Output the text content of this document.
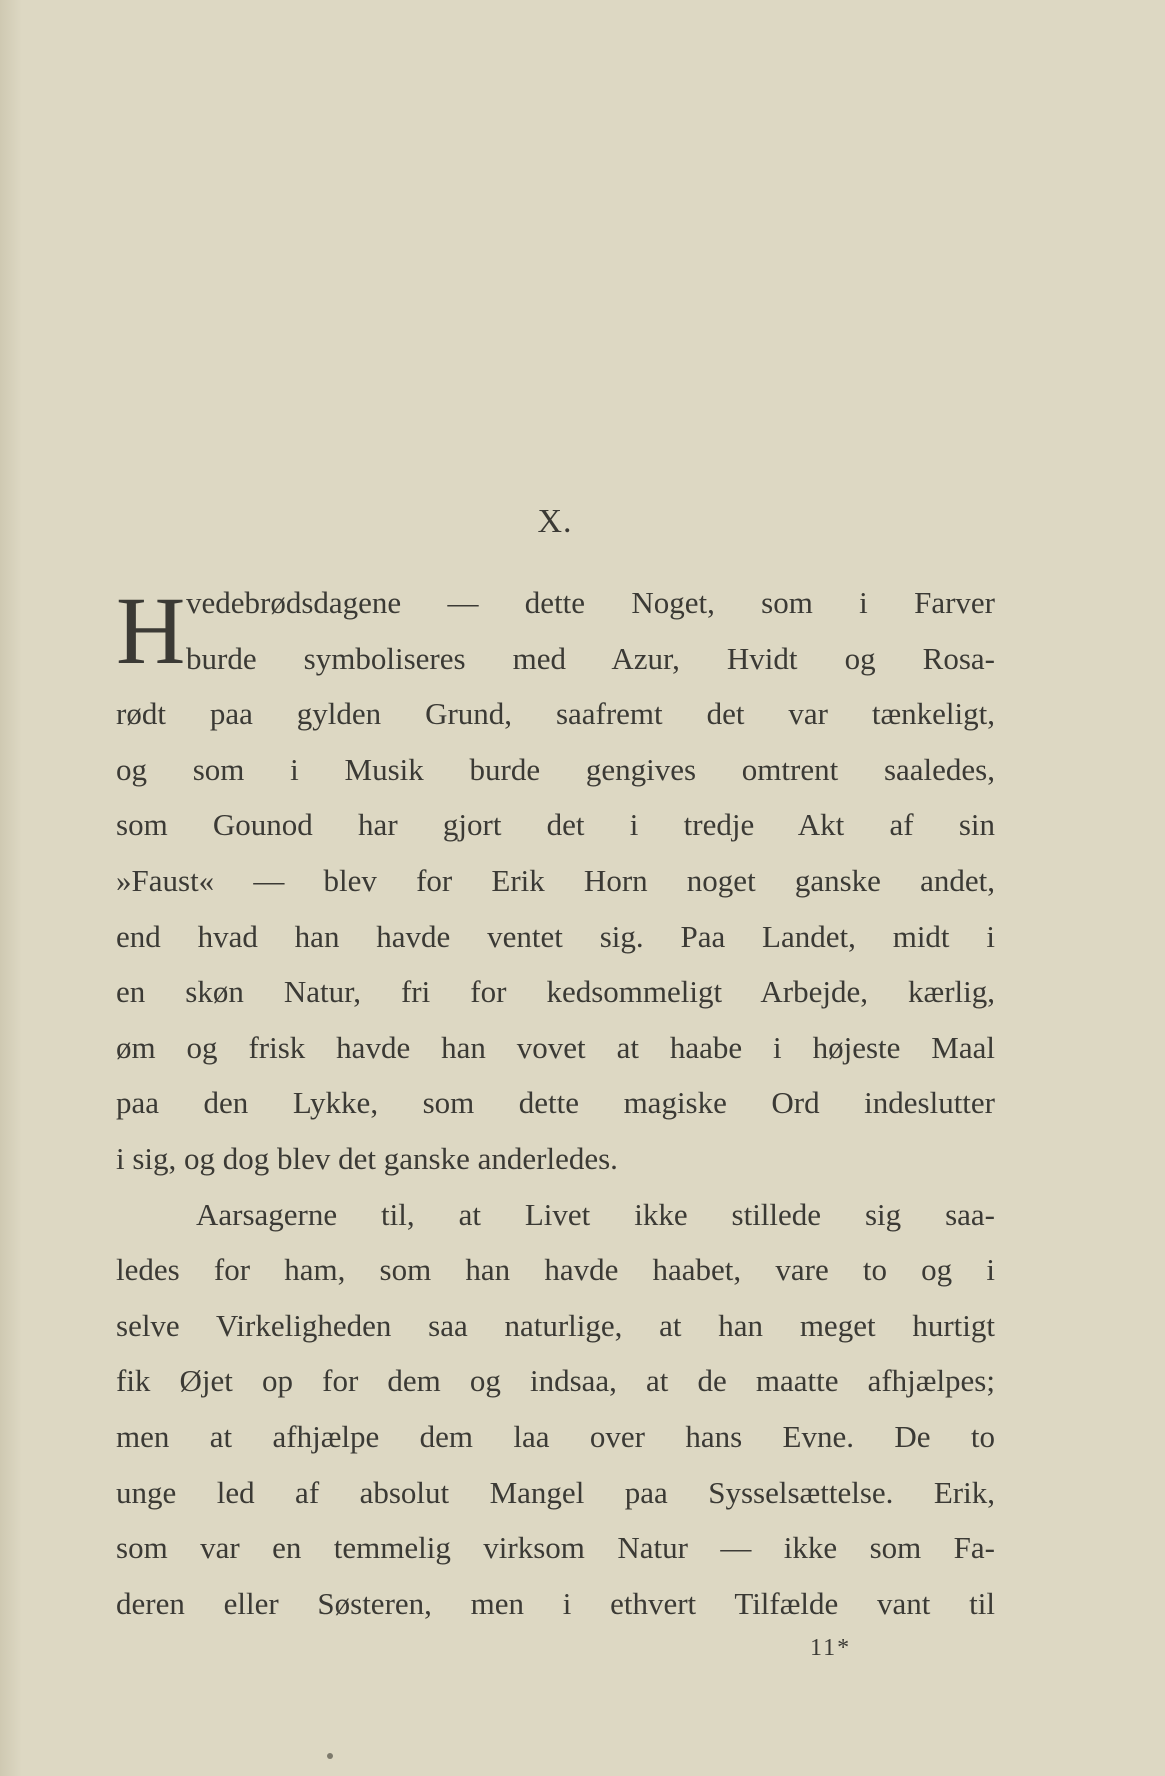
X.
H vedebrødsdagene — dette Noget, som i Farver
burde symboliseres med Azur, Hvidt og Rosa-
rødt paa gylden Grund, saafremt det var tænkeligt,
og som i Musik burde gengives omtrent saaledes,
som Gounod har gjort det i tredje Akt af sin
»Faust« — blev for Erik Horn noget ganske andet,
end hvad han havde ventet sig. Paa Landet, midt i
en skøn Natur, fri for kedsommeligt Arbejde, kærlig,
øm og frisk havde han vovet at haabe i højeste Maal
paa den Lykke, som dette magiske Ord indeslutter
i sig, og dog blev det ganske anderledes.
Aarsagerne til, at Livet ikke stillede sig saa-
ledes for ham, som han havde haabet, vare to og i
selve Virkeligheden saa naturlige, at han meget hurtigt
fik Øjet op for dem og indsaa, at de maatte afhjælpes;
men at afhjælpe dem laa over hans Evne. De to
unge led af absolut Mangel paa Sysselsættelse. Erik,
som var en temmelig virksom Natur — ikke som Fa-
deren eller Søsteren, men i ethvert Tilfælde vant til
11*
